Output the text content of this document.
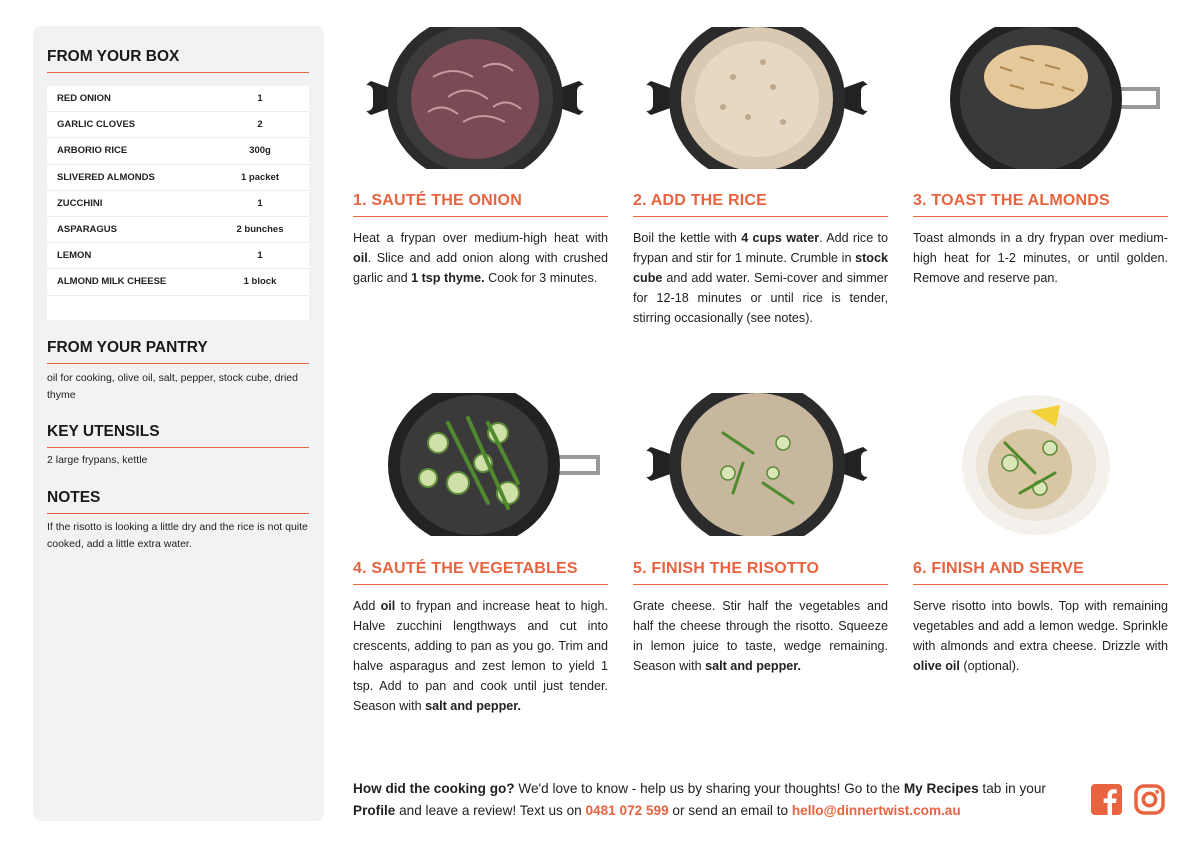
FROM YOUR BOX
RED ONION	1
GARLIC CLOVES	2
ARBORIO RICE	300g
SLIVERED ALMONDS	1 packet
ZUCCHINI	1
ASPARAGUS	2 bunches
LEMON	1
ALMOND MILK CHEESE	1 block
FROM YOUR PANTRY
oil for cooking, olive oil, salt, pepper, stock cube, dried thyme
KEY UTENSILS
2 large frypans, kettle
NOTES
If the risotto is looking a little dry and the rice is not quite cooked, add a little extra water.
1. SAUTÉ THE ONION
Heat a frypan over medium-high heat with oil. Slice and add onion along with crushed garlic and 1 tsp thyme. Cook for 3 minutes.
2. ADD THE RICE
Boil the kettle with 4 cups water. Add rice to frypan and stir for 1 minute. Crumble in stock cube and add water. Semi-cover and simmer for 12-18 minutes or until rice is tender, stirring occasionally (see notes).
3. TOAST THE ALMONDS
Toast almonds in a dry frypan over medium-high heat for 1-2 minutes, or until golden. Remove and reserve pan.
4. SAUTÉ THE VEGETABLES
Add oil to frypan and increase heat to high. Halve zucchini lengthways and cut into crescents, adding to pan as you go. Trim and halve asparagus and zest lemon to yield 1 tsp. Add to pan and cook until just tender. Season with salt and pepper.
5. FINISH THE RISOTTO
Grate cheese. Stir half the vegetables and half the cheese through the risotto. Squeeze in lemon juice to taste, wedge remaining. Season with salt and pepper.
6. FINISH AND SERVE
Serve risotto into bowls. Top with remaining vegetables and add a lemon wedge. Sprinkle with almonds and extra cheese. Drizzle with olive oil (optional).
How did the cooking go? We'd love to know - help us by sharing your thoughts! Go to the My Recipes tab in your Profile and leave a review! Text us on 0481 072 599 or send an email to hello@dinnertwist.com.au
